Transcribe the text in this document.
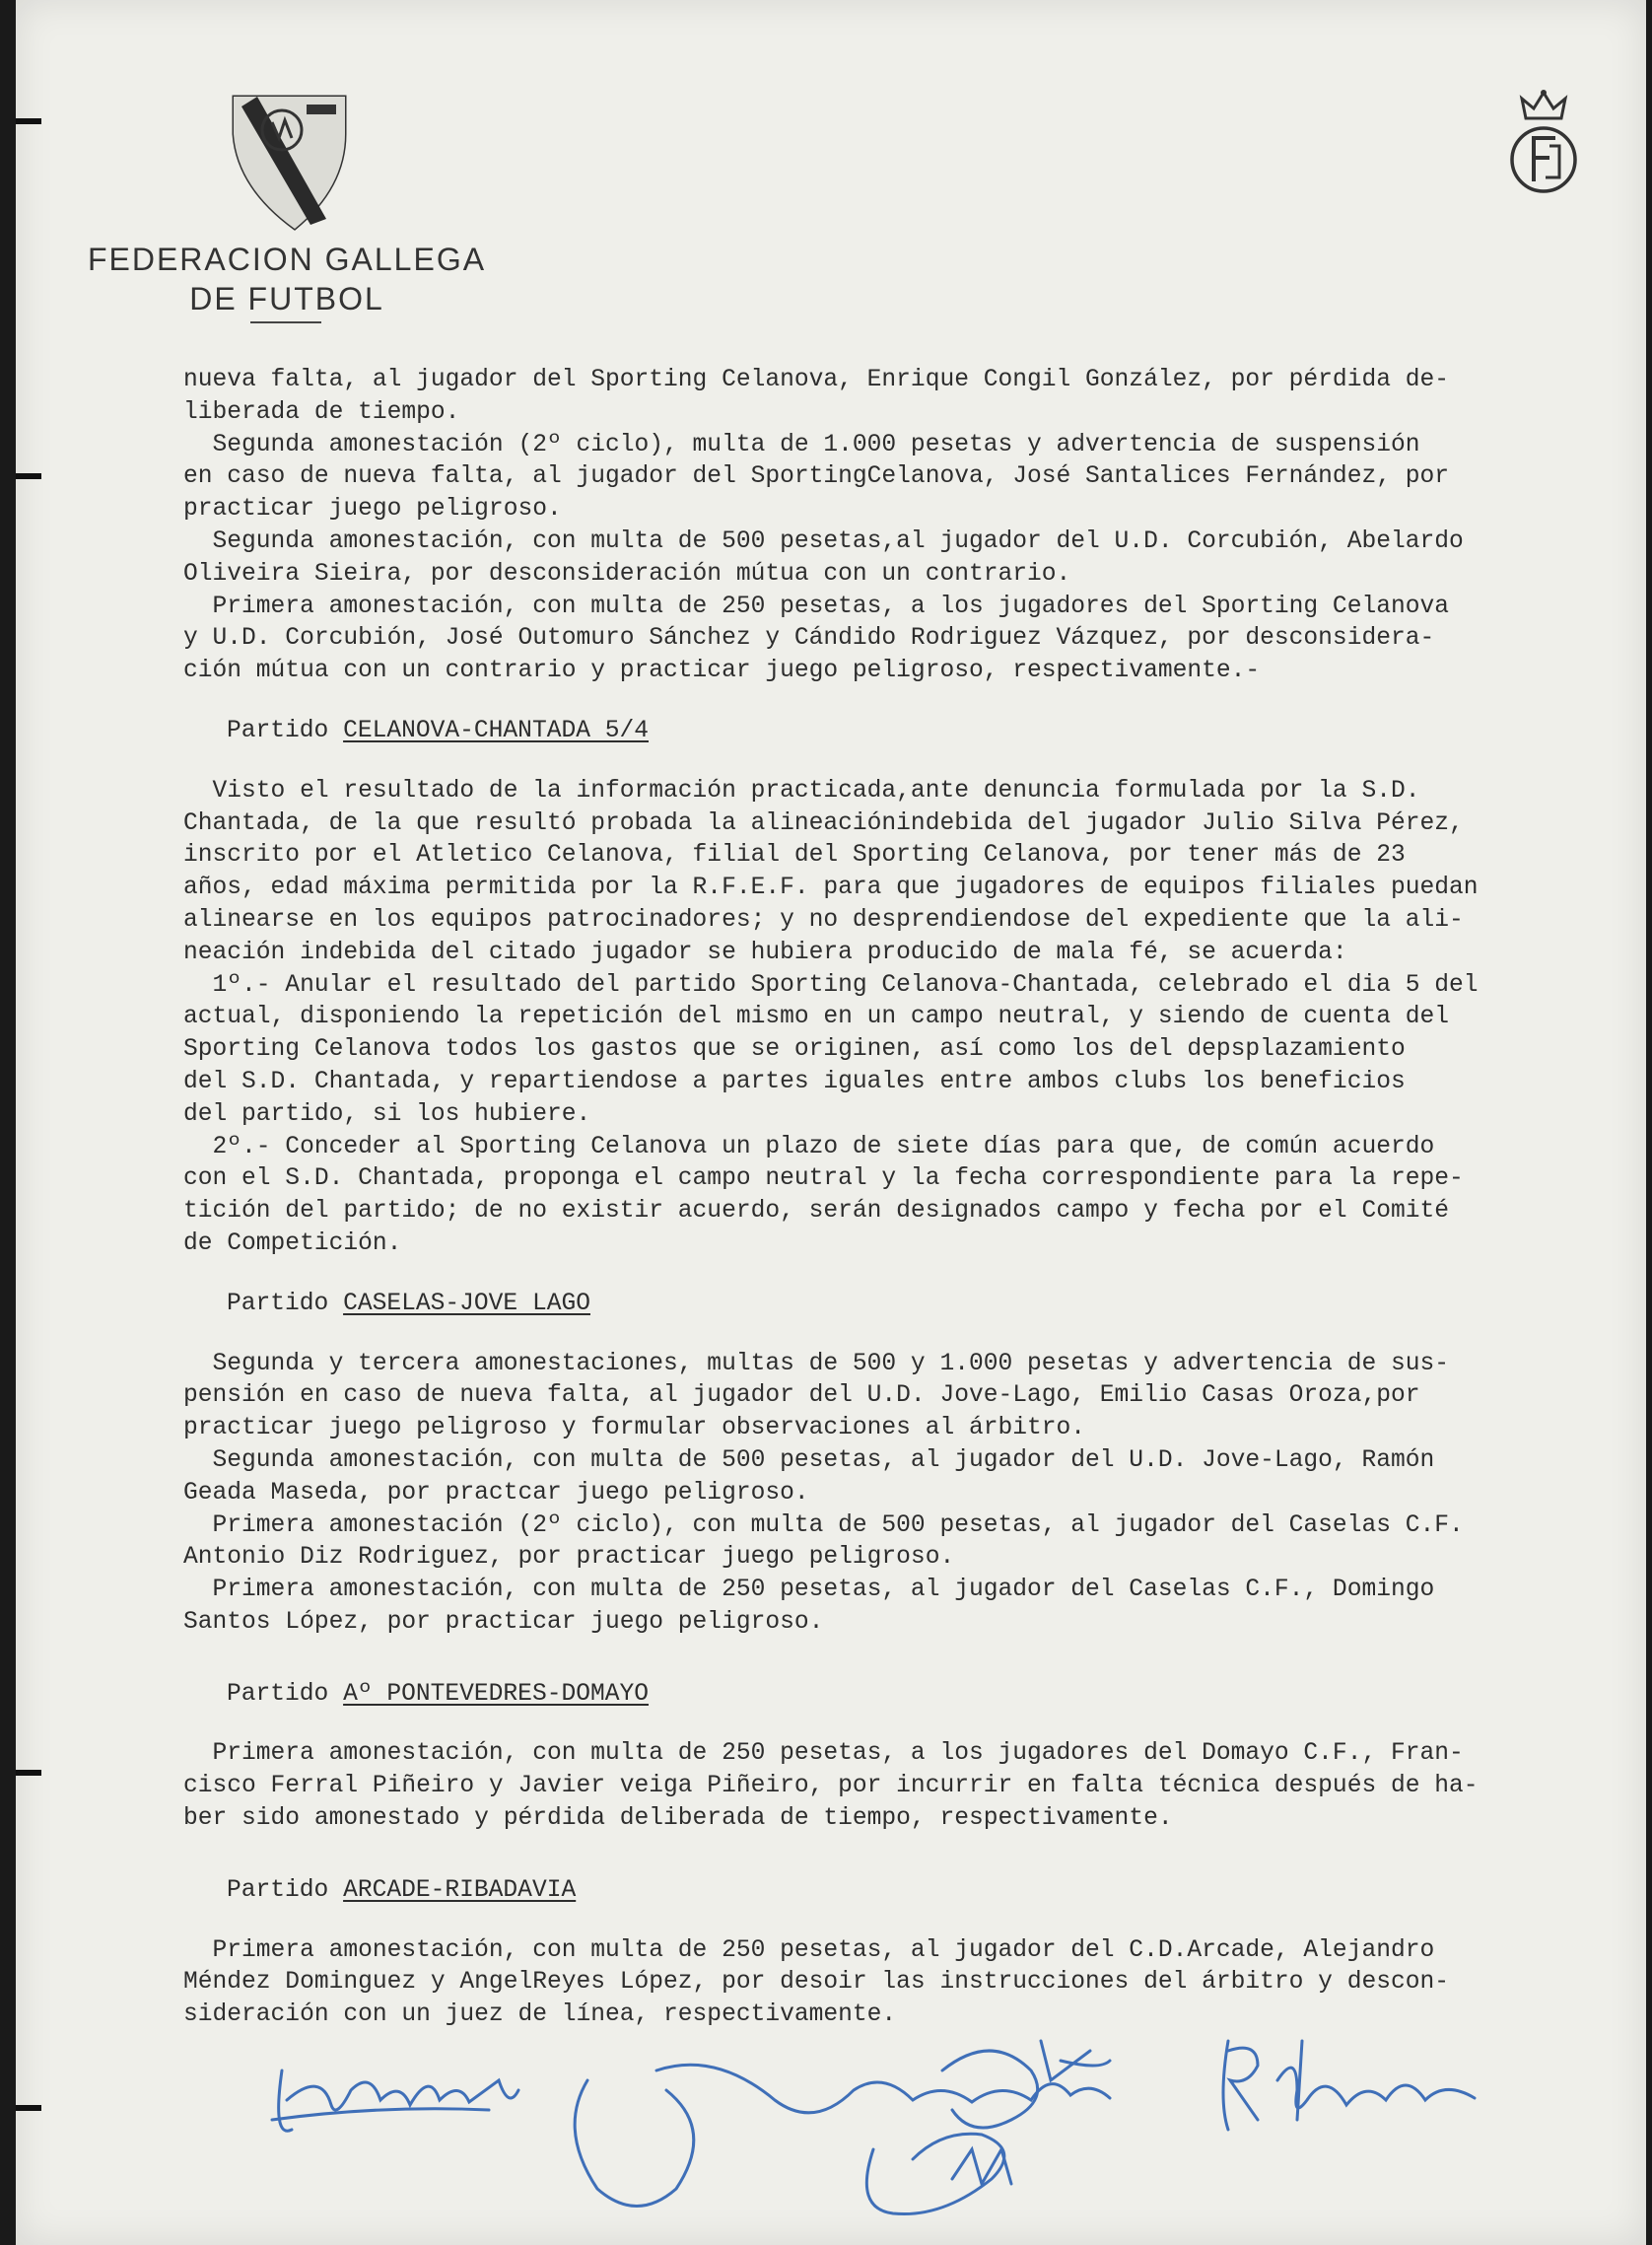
FEDERACION GALLEGA
DE FUTBOL
nueva falta, al jugador del Sporting Celanova, Enrique Congil González, por pérdida de-
liberada de tiempo.
Segunda amonestación (2º ciclo), multa de 1.000 pesetas y advertencia de suspensión
en caso de nueva falta, al jugador del SportingCelanova, José Santalices Fernández, por
practicar juego peligroso.
Segunda amonestación, con multa de 500 pesetas,al jugador del U.D. Corcubión, Abelardo
Oliveira Sieira, por desconsideración mútua con un contrario.
Primera amonestación, con multa de 250 pesetas, a los jugadores del Sporting Celanova
y U.D. Corcubión, José Outomuro Sánchez y Cándido Rodriguez Vázquez, por desconsidera-
ción mútua con un contrario y practicar juego peligroso, respectivamente.-
Partido CELANOVA-CHANTADA 5/4
Visto el resultado de la información practicada,ante denuncia formulada por la S.D.
Chantada, de la que resultó probada la alineaciónindebida del jugador Julio Silva Pérez,
inscrito por el Atletico Celanova, filial del Sporting Celanova, por tener más de 23
años, edad máxima permitida por la R.F.E.F. para que jugadores de equipos filiales puedan
alinearse en los equipos patrocinadores; y no desprendiendose del expediente que la ali-
neación indebida del citado jugador se hubiera producido de mala fé, se acuerda:
1º.- Anular el resultado del partido Sporting Celanova-Chantada, celebrado el dia 5 del
actual, disponiendo la repetición del mismo en un campo neutral, y siendo de cuenta del
Sporting Celanova todos los gastos que se originen, así como los del depsplazamiento
del S.D. Chantada, y repartiendose a partes iguales entre ambos clubs los beneficios
del partido, si los hubiere.
2º.- Conceder al Sporting Celanova un plazo de siete días para que, de común acuerdo
con el S.D. Chantada, proponga el campo neutral y la fecha correspondiente para la repe-
tición del partido; de no existir acuerdo, serán designados campo y fecha por el Comité
de Competición.
Partido CASELAS-JOVE LAGO
Segunda y tercera amonestaciones, multas de 500 y 1.000 pesetas y advertencia de sus-
pensión en caso de nueva falta, al jugador del U.D. Jove-Lago, Emilio Casas Oroza,por
practicar juego peligroso y formular observaciones al árbitro.
Segunda amonestación, con multa de 500 pesetas, al jugador del U.D. Jove-Lago, Ramón
Geada Maseda, por practcar juego peligroso.
Primera amonestación (2º ciclo), con multa de 500 pesetas, al jugador del Caselas C.F.
Antonio Diz Rodriguez, por practicar juego peligroso.
Primera amonestación, con multa de 250 pesetas, al jugador del Caselas C.F., Domingo
Santos López, por practicar juego peligroso.
Partido Aº PONTEVEDRES-DOMAYO
Primera amonestación, con multa de 250 pesetas, a los jugadores del Domayo C.F., Fran-
cisco Ferral Piñeiro y Javier veiga Piñeiro, por incurrir en falta técnica después de ha-
ber sido amonestado y pérdida deliberada de tiempo, respectivamente.
Partido ARCADE-RIBADAVIA
Primera amonestación, con multa de 250 pesetas, al jugador del C.D.Arcade, Alejandro
Méndez Dominguez y AngelReyes López, por desoir las instrucciones del árbitro y descon-
sideración con un juez de línea, respectivamente.
